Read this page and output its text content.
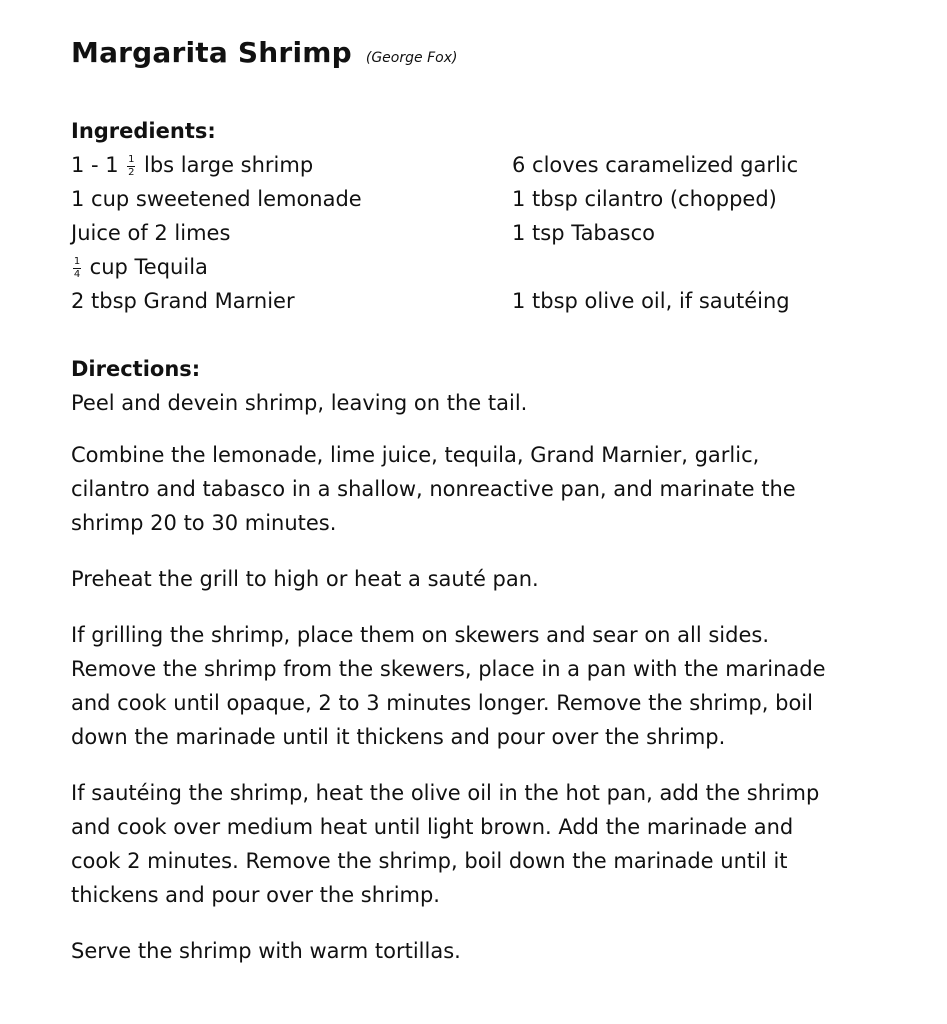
Margarita Shrimp (George Fox)
Ingredients:
$1 - 1 \frac{1}{2}$ lbs large shrimp	6 cloves caramelized garlic
1 cup sweetened lemonade	1 tbsp cilantro (chopped)
Juice of 2 limes	1 tsp Tabasco
$\frac{1}{4}$ cup Tequila
2 tbsp Grand Marnier	1 tbsp olive oil, if sautéing
Directions:

Peel and devein shrimp, leaving on the tail.

Combine the lemonade, lime juice, tequila, Grand Marnier, garlic,
cilantro and tabasco in a shallow, nonreactive pan, and marinate the
shrimp 20 to 30 minutes.

Preheat the grill to high or heat a sauté pan.

If grilling the shrimp, place them on skewers and sear on all sides.
Remove the shrimp from the skewers, place in a pan with the marinade
and cook until opaque, 2 to 3 minutes longer. Remove the shrimp, boil
down the marinade until it thickens and pour over the shrimp.

If sautéing the shrimp, heat the olive oil in the hot pan, add the shrimp
and cook over medium heat until light brown. Add the marinade and
cook 2 minutes. Remove the shrimp, boil down the marinade until it
thickens and pour over the shrimp.

Serve the shrimp with warm tortillas.
